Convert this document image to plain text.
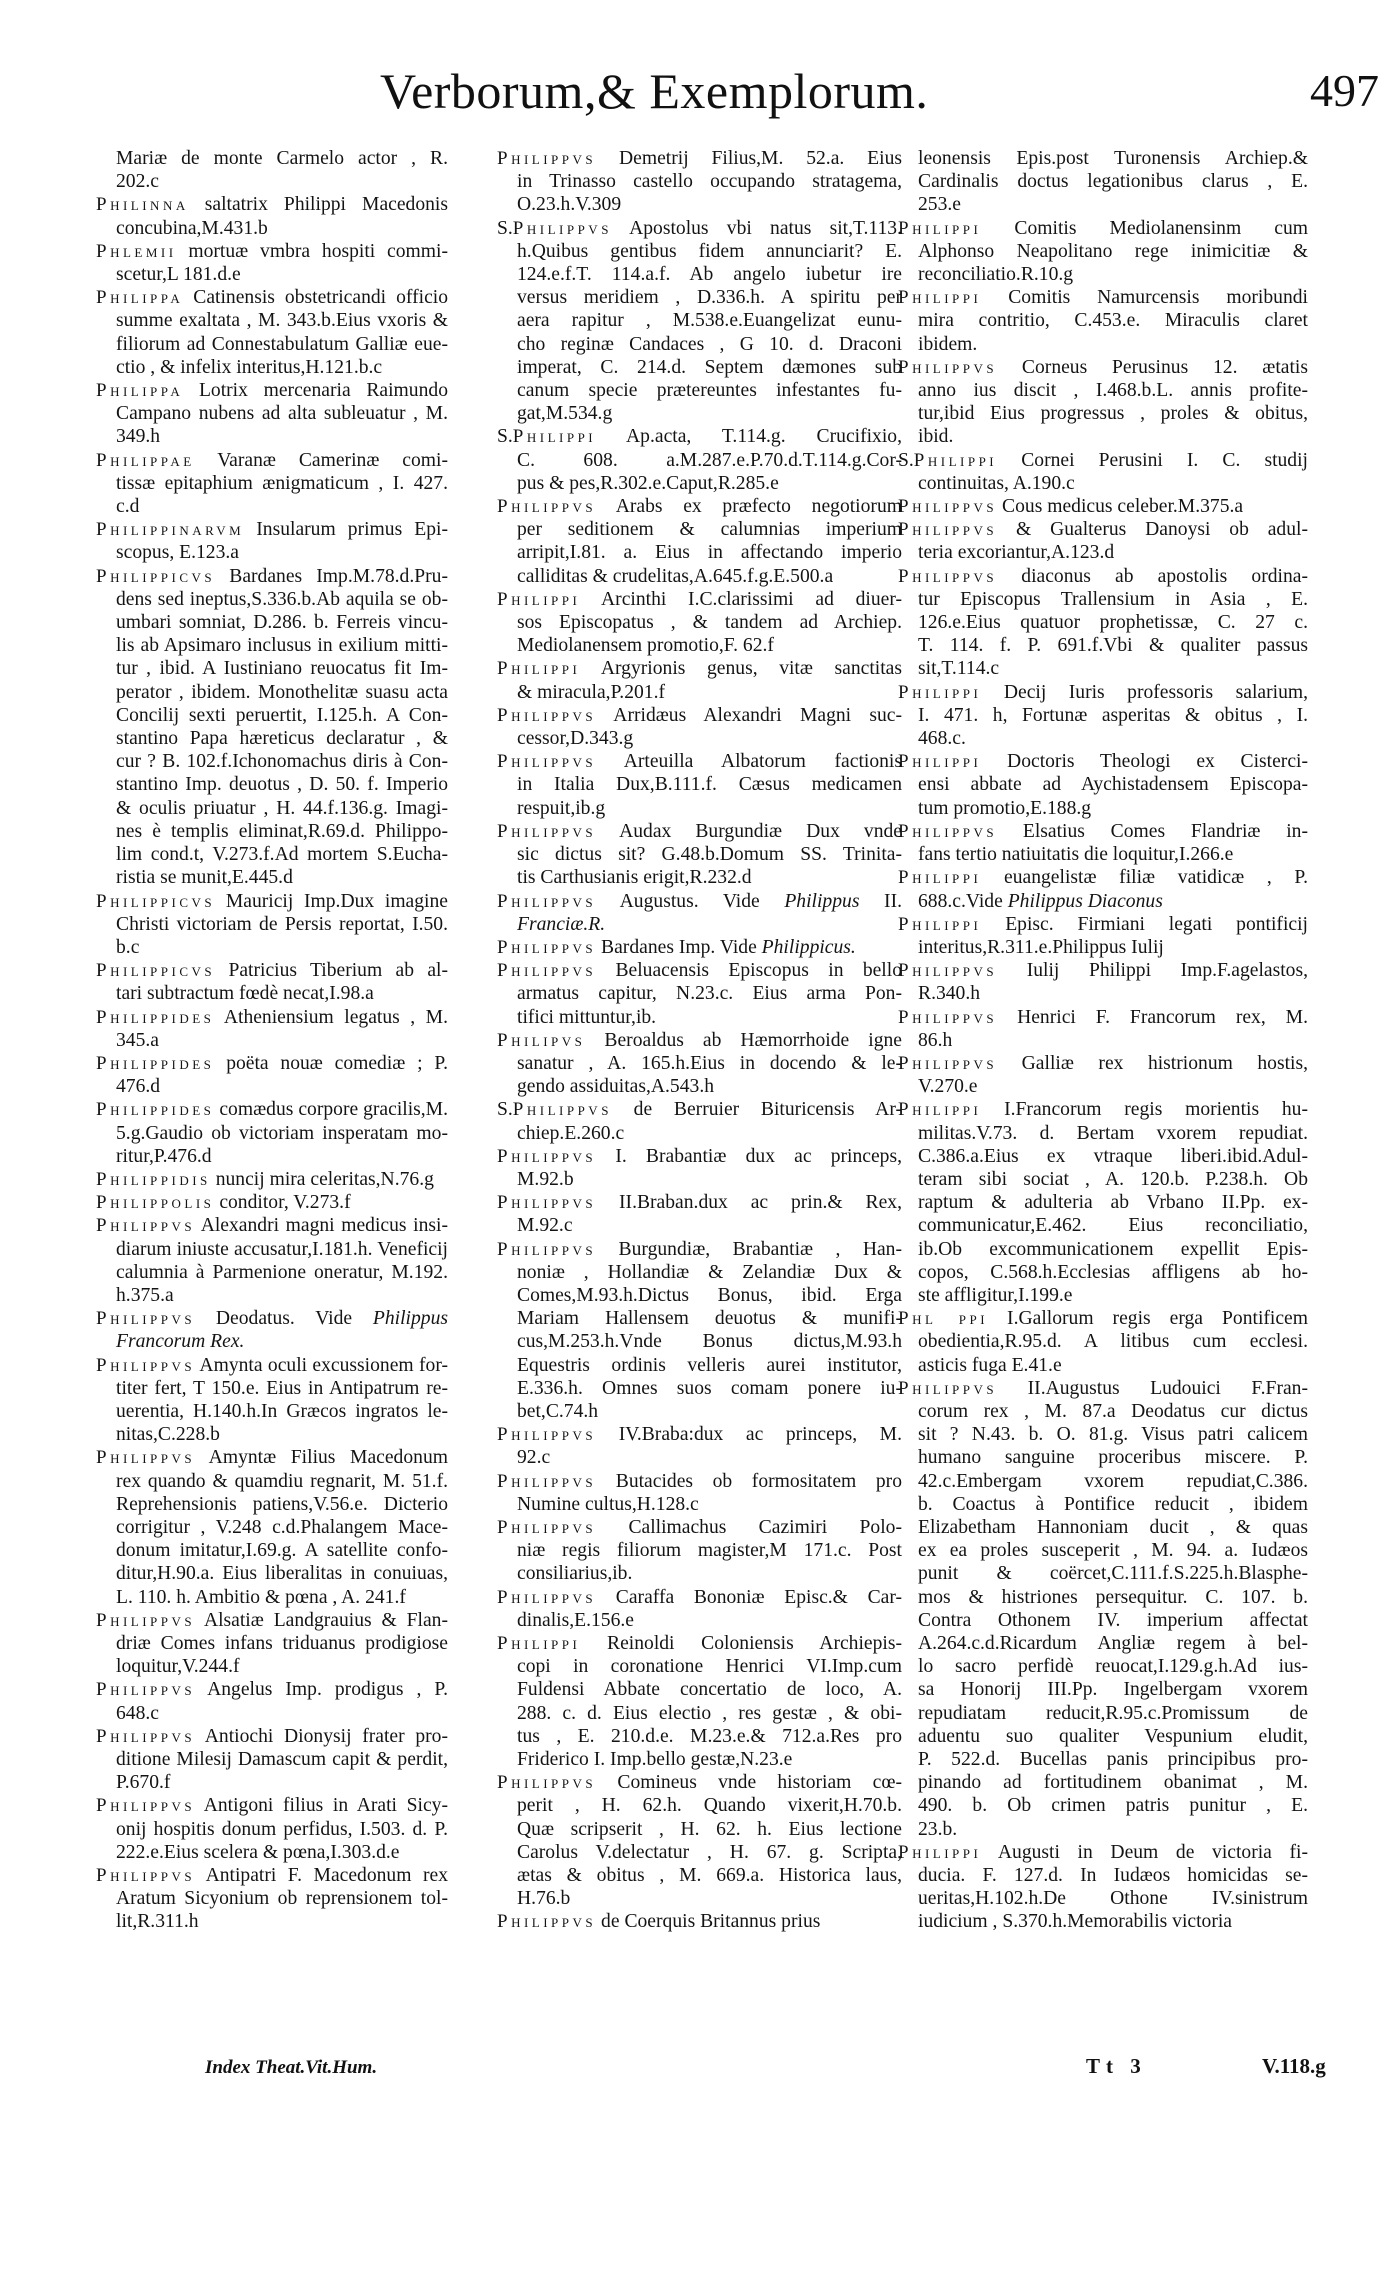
Verborum,& Exemplorum.	497
Mariæ de monte Carmelo actor , R.
202.c
Philinna saltatrix Philippi Macedonis
concubina,M.431.b
Phlemii mortuæ vmbra hospiti commi-
scetur,L 181.d.e
Philippa Catinensis obstetricandi officio
summe exaltata , M. 343.b.Eius vxoris &
filiorum ad Connestabulatum Galliæ eue-
ctio , & infelix interitus,H.121.b.c
Philippa Lotrix mercenaria Raimundo
Campano nubens ad alta subleuatur , M.
349.h
Philippae Varanæ Camerinæ comi-
tissæ epitaphium ænigmaticum , I. 427.
c.d
Philippinarvm Insularum primus Epi-
scopus, E.123.a
Philippicvs Bardanes Imp.M.78.d.Pru-
dens sed ineptus,S.336.b.Ab aquila se ob-
umbari somniat, D.286. b. Ferreis vincu-
lis ab Apsimaro inclusus in exilium mitti-
tur , ibid. A Iustiniano reuocatus fit Im-
perator , ibidem. Monothelitæ suasu acta
Concilij sexti peruertit, I.125.h. A Con-
stantino Papa hæreticus declaratur , &
cur ? B. 102.f.Ichonomachus diris à Con-
stantino Imp. deuotus , D. 50. f. Imperio
& oculis priuatur , H. 44.f.136.g. Imagi-
nes è templis eliminat,R.69.d. Philippo-
lim cond.t, V.273.f.Ad mortem S.Eucha-
ristia se munit,E.445.d
Philippicvs Mauricij Imp.Dux imagine
Christi victoriam de Persis reportat, I.50.
b.c
Philippicvs Patricius Tiberium ab al-
tari subtractum fœdè necat,I.98.a
Philippides Atheniensium legatus , M.
345.a
Philippides poëta nouæ comediæ ; P.
476.d
Philippides comædus corpore gracilis,M.
5.g.Gaudio ob victoriam insperatam mo-
ritur,P.476.d
Philippidis nuncij mira celeritas,N.76.g
Philippolis conditor, V.273.f
Philippvs Alexandri magni medicus insi-
diarum iniuste accusatur,I.181.h. Veneficij
calumnia à Parmenione oneratur, M.192.
h.375.a
Philippvs Deodatus. Vide Philippus
Francorum Rex.
Philippvs Amynta oculi excussionem for-
titer fert, T 150.e. Eius in Antipatrum re-
uerentia, H.140.h.In Græcos ingratos le-
nitas,C.228.b
Philippvs Amyntæ Filius Macedonum
rex quando & quamdiu regnarit, M. 51.f.
Reprehensionis patiens,V.56.e. Dicterio
corrigitur , V.248 c.d.Phalangem Mace-
donum imitatur,I.69.g. A satellite confo-
ditur,H.90.a. Eius liberalitas in conuiuas,
L. 110. h. Ambitio & pœna , A. 241.f
Philippvs Alsatiæ Landgrauius & Flan-
driæ Comes infans triduanus prodigiose
loquitur,V.244.f
Philippvs Angelus Imp. prodigus , P.
648.c
Philippvs Antiochi Dionysij frater pro-
ditione Milesij Damascum capit & perdit,
P.670.f
Philippvs Antigoni filius in Arati Sicy-
onij hospitis donum perfidus, I.503. d. P.
222.e.Eius scelera & pœna,I.303.d.e
Philippvs Antipatri F. Macedonum rex
Aratum Sicyonium ob reprensionem tol-
lit,R.311.h
Philippvs Demetrij Filius,M. 52.a. Eius
in Trinasso castello occupando stratagema,
O.23.h.V.309
S.Philippvs Apostolus vbi natus sit,T.113.
h.Quibus gentibus fidem annunciarit? E.
124.e.f.T. 114.a.f. Ab angelo iubetur ire
versus meridiem , D.336.h. A spiritu per
aera rapitur , M.538.e.Euangelizat eunu-
cho reginæ Candaces , G 10. d. Draconi
imperat, C. 214.d. Septem dæmones sub
canum specie prætereuntes infestantes fu-
gat,M.534.g
S.Philippi Ap.acta, T.114.g. Crucifixio,
C. 608. a.M.287.e.P.70.d.T.114.g.Cor-
pus & pes,R.302.e.Caput,R.285.e
Philippvs Arabs ex præfecto negotiorum
per seditionem & calumnias imperium
arripit,I.81. a. Eius in affectando imperio
calliditas & crudelitas,A.645.f.g.E.500.a
Philippi Arcinthi I.C.clarissimi ad diuer-
sos Episcopatus , & tandem ad Archiep.
Mediolanensem promotio,F. 62.f
Philippi Argyrionis genus, vitæ sanctitas
& miracula,P.201.f
Philippvs Arridæus Alexandri Magni suc-
cessor,D.343.g
Philippvs Arteuilla Albatorum factionis
in Italia Dux,B.111.f. Cæsus medicamen
respuit,ib.g
Philippvs Audax Burgundiæ Dux vnde
sic dictus sit? G.48.b.Domum SS. Trinita-
tis Carthusianis erigit,R.232.d
Philippvs Augustus. Vide Philippus II.
Franciæ.R.
Philippvs Bardanes Imp. Vide Philippicus.
Philippvs Beluacensis Episcopus in bello
armatus capitur, N.23.c. Eius arma Pon-
tifici mittuntur,ib.
Philipvs Beroaldus ab Hæmorrhoide igne
sanatur , A. 165.h.Eius in docendo & le-
gendo assiduitas,A.543.h
S.Philippvs de Berruier Bituricensis Ar-
chiep.E.260.c
Philippvs I. Brabantiæ dux ac princeps,
M.92.b
Philippvs II.Braban.dux ac prin.& Rex,
M.92.c
Philippvs Burgundiæ, Brabantiæ , Han-
noniæ , Hollandiæ & Zelandiæ Dux &
Comes,M.93.h.Dictus Bonus, ibid. Erga
Mariam Hallensem deuotus & munifi-
cus,M.253.h.Vnde Bonus dictus,M.93.h
Equestris ordinis velleris aurei institutor,
E.336.h. Omnes suos comam ponere iu-
bet,C.74.h
Philippvs IV.Braba:dux ac princeps, M.
92.c
Philippvs Butacides ob formositatem pro
Numine cultus,H.128.c
Philippvs Callimachus Cazimiri Polo-
niæ regis filiorum magister,M 171.c. Post
consiliarius,ib.
Philippvs Caraffa Bononiæ Episc.& Car-
dinalis,E.156.e
Philippi Reinoldi Coloniensis Archiepis-
copi in coronatione Henrici VI.Imp.cum
Fuldensi Abbate concertatio de loco, A.
288. c. d. Eius electio , res gestæ , & obi-
tus , E. 210.d.e. M.23.e.& 712.a.Res pro
Friderico I. Imp.bello gestæ,N.23.e
Philippvs Comineus vnde historiam cœ-
perit , H. 62.h. Quando vixerit,H.70.b.
Quæ scripserit , H. 62. h. Eius lectione
Carolus V.delectatur , H. 67. g. Scripta,
ætas & obitus , M. 669.a. Historica laus,
H.76.b
Philippvs de Coerquis Britannus prius
leonensis Epis.post Turonensis Archiep.&
Cardinalis doctus legationibus clarus , E.
253.e
Philippi Comitis Mediolanensinm cum
Alphonso Neapolitano rege inimicitiæ &
reconciliatio.R.10.g
Philippi Comitis Namurcensis moribundi
mira contritio, C.453.e. Miraculis claret
ibidem.
Philippvs Corneus Perusinus 12. ætatis
anno ius discit , I.468.b.L. annis profite-
tur,ibid Eius progressus , proles & obitus,
ibid.
S.Philippi Cornei Perusini I. C. studij
continuitas, A.190.c
Philippvs Cous medicus celeber.M.375.a
Philippvs & Gualterus Danoysi ob adul-
teria excoriantur,A.123.d
Philippvs diaconus ab apostolis ordina-
tur Episcopus Trallensium in Asia , E.
126.e.Eius quatuor prophetissæ, C. 27 c.
T. 114. f. P. 691.f.Vbi & qualiter passus
sit,T.114.c
Philippi Decij Iuris professoris salarium,
I. 471. h, Fortunæ asperitas & obitus , I.
468.c.
Philippi Doctoris Theologi ex Cisterci-
ensi abbate ad Aychistadensem Episcopa-
tum promotio,E.188.g
Philippvs Elsatius Comes Flandriæ in-
fans tertio natiuitatis die loquitur,I.266.e
Philippi euangelistæ filiæ vatidicæ , P.
688.c.Vide Philippus Diaconus
Philippi Episc. Firmiani legati pontificij
interitus,R.311.e.Philippus Iulij
Philippvs Iulij Philippi Imp.F.agelastos,
R.340.h
Philippvs Henrici F. Francorum rex, M.
86.h
Philippvs Galliæ rex histrionum hostis,
V.270.e
Philippi I.Francorum regis morientis hu-
militas.V.73. d. Bertam vxorem repudiat.
C.386.a.Eius ex vtraque liberi.ibid.Adul-
teram sibi sociat , A. 120.b. P.238.h. Ob
raptum & adulteria ab Vrbano II.Pp. ex-
communicatur,E.462. Eius reconciliatio,
ib.Ob excommunicationem expellit Epis-
copos, C.568.h.Ecclesias affligens ab ho-
ste affligitur,I.199.e
Phl ppi I.Gallorum regis erga Pontificem
obedientia,R.95.d. A litibus cum ecclesi.
asticis fuga E.41.e
Philippvs II.Augustus Ludouici F.Fran-
corum rex , M. 87.a Deodatus cur dictus
sit ? N.43. b. O. 81.g. Visus patri calicem
humano sanguine proceribus miscere. P.
42.c.Embergam vxorem repudiat,C.386.
b. Coactus à Pontifice reducit , ibidem
Elizabetham Hannoniam ducit , & quas
ex ea proles susceperit , M. 94. a. Iudæos
punit & coërcet,C.111.f.S.225.h.Blasphe-
mos & histriones persequitur. C. 107. b.
Contra Othonem IV. imperium affectat
A.264.c.d.Ricardum Angliæ regem à bel-
lo sacro perfidè reuocat,I.129.g.h.Ad ius-
sa Honorij III.Pp. Ingelbergam vxorem
repudiatam reducit,R.95.c.Promissum de
aduentu suo qualiter Vespunium eludit,
P. 522.d. Bucellas panis principibus pro-
pinando ad fortitudinem obanimat , M.
490. b. Ob crimen patris punitur , E.
23.b.
Philippi Augusti in Deum de victoria fi-
ducia. F. 127.d. In Iudæos homicidas se-
ueritas,H.102.h.De Othone IV.sinistrum
iudicium , S.370.h.Memorabilis victoria
Index Theat.Vit.Hum.	Tt 3	V.118.g
